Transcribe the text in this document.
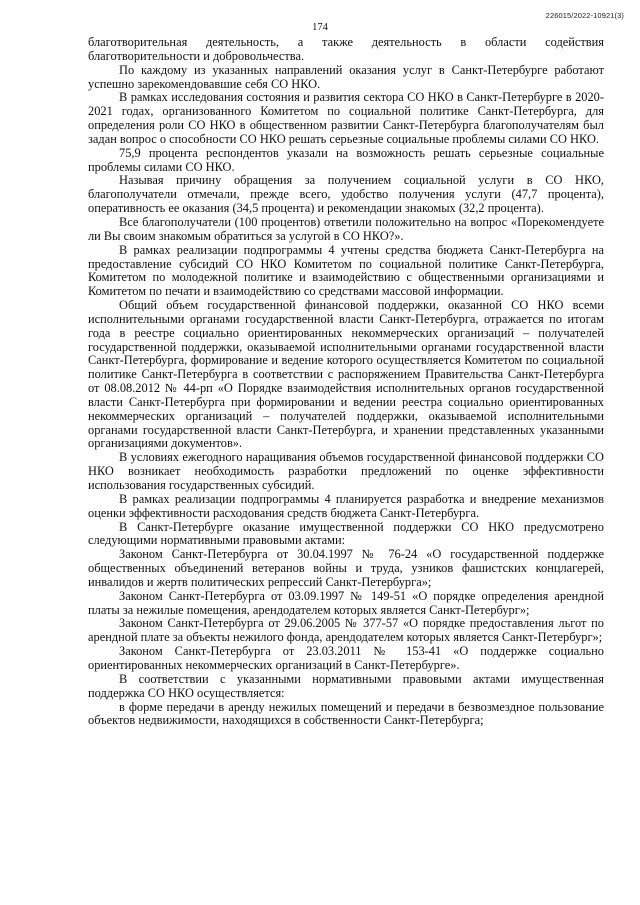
226015/2022-10921(3)
174

благотворительная деятельность, а также деятельность в области содействия благотворительности и добровольчества.

По каждому из указанных направлений оказания услуг в Санкт-Петербурге работают успешно зарекомендовавшие себя СО НКО.

В рамках исследования состояния и развития сектора СО НКО в Санкт-Петербурге в 2020-2021 годах, организованного Комитетом по социальной политике Санкт-Петербурга, для определения роли СО НКО в общественном развитии Санкт-Петербурга благополучателям был задан вопрос о способности СО НКО решать серьезные социальные проблемы силами СО НКО.

75,9 процента респондентов указали на возможность решать серьезные социальные проблемы силами СО НКО.

Называя причину обращения за получением социальной услуги в СО НКО, благополучатели отмечали, прежде всего, удобство получения услуги (47,7 процента), оперативность ее оказания (34,5 процента) и рекомендации знакомых (32,2 процента).

Все благополучатели (100 процентов) ответили положительно на вопрос «Порекомендуете ли Вы своим знакомым обратиться за услугой в СО НКО?».

В рамках реализации подпрограммы 4 учтены средства бюджета Санкт-Петербурга на предоставление субсидий СО НКО Комитетом по социальной политике Санкт-Петербурга, Комитетом по молодежной политике и взаимодействию с общественными организациями и Комитетом по печати и взаимодействию со средствами массовой информации.

Общий объем государственной финансовой поддержки, оказанной СО НКО всеми исполнительными органами государственной власти Санкт-Петербурга, отражается по итогам года в реестре социально ориентированных некоммерческих организаций – получателей государственной поддержки, оказываемой исполнительными органами государственной власти Санкт-Петербурга, формирование и ведение которого осуществляется Комитетом по социальной политике Санкт-Петербурга в соответствии с распоряжением Правительства Санкт-Петербурга от 08.08.2012 № 44-рп «О Порядке взаимодействия исполнительных органов государственной власти Санкт-Петербурга при формировании и ведении реестра социально ориентированных некоммерческих организаций – получателей поддержки, оказываемой исполнительными органами государственной власти Санкт-Петербурга, и хранении представленных указанными организациями документов».

В условиях ежегодного наращивания объемов государственной финансовой поддержки СО НКО возникает необходимость разработки предложений по оценке эффективности использования государственных субсидий.

В рамках реализации подпрограммы 4 планируется разработка и внедрение механизмов оценки эффективности расходования средств бюджета Санкт-Петербурга.

В Санкт-Петербурге оказание имущественной поддержки СО НКО предусмотрено следующими нормативными правовыми актами:

Законом Санкт-Петербурга от 30.04.1997 № 76-24 «О государственной поддержке общественных объединений ветеранов войны и труда, узников фашистских концлагерей, инвалидов и жертв политических репрессий Санкт-Петербурга»;

Законом Санкт-Петербурга от 03.09.1997 № 149-51 «О порядке определения арендной платы за нежилые помещения, арендодателем которых является Санкт-Петербург»;

Законом Санкт-Петербурга от 29.06.2005 № 377-57 «О порядке предоставления льгот по арендной плате за объекты нежилого фонда, арендодателем которых является Санкт-Петербург»;

Законом Санкт-Петербурга от 23.03.2011 № 153-41 «О поддержке социально ориентированных некоммерческих организаций в Санкт-Петербурге».

В соответствии с указанными нормативными правовыми актами имущественная поддержка СО НКО осуществляется:

в форме передачи в аренду нежилых помещений и передачи в безвозмездное пользование объектов недвижимости, находящихся в собственности Санкт-Петербурга;
